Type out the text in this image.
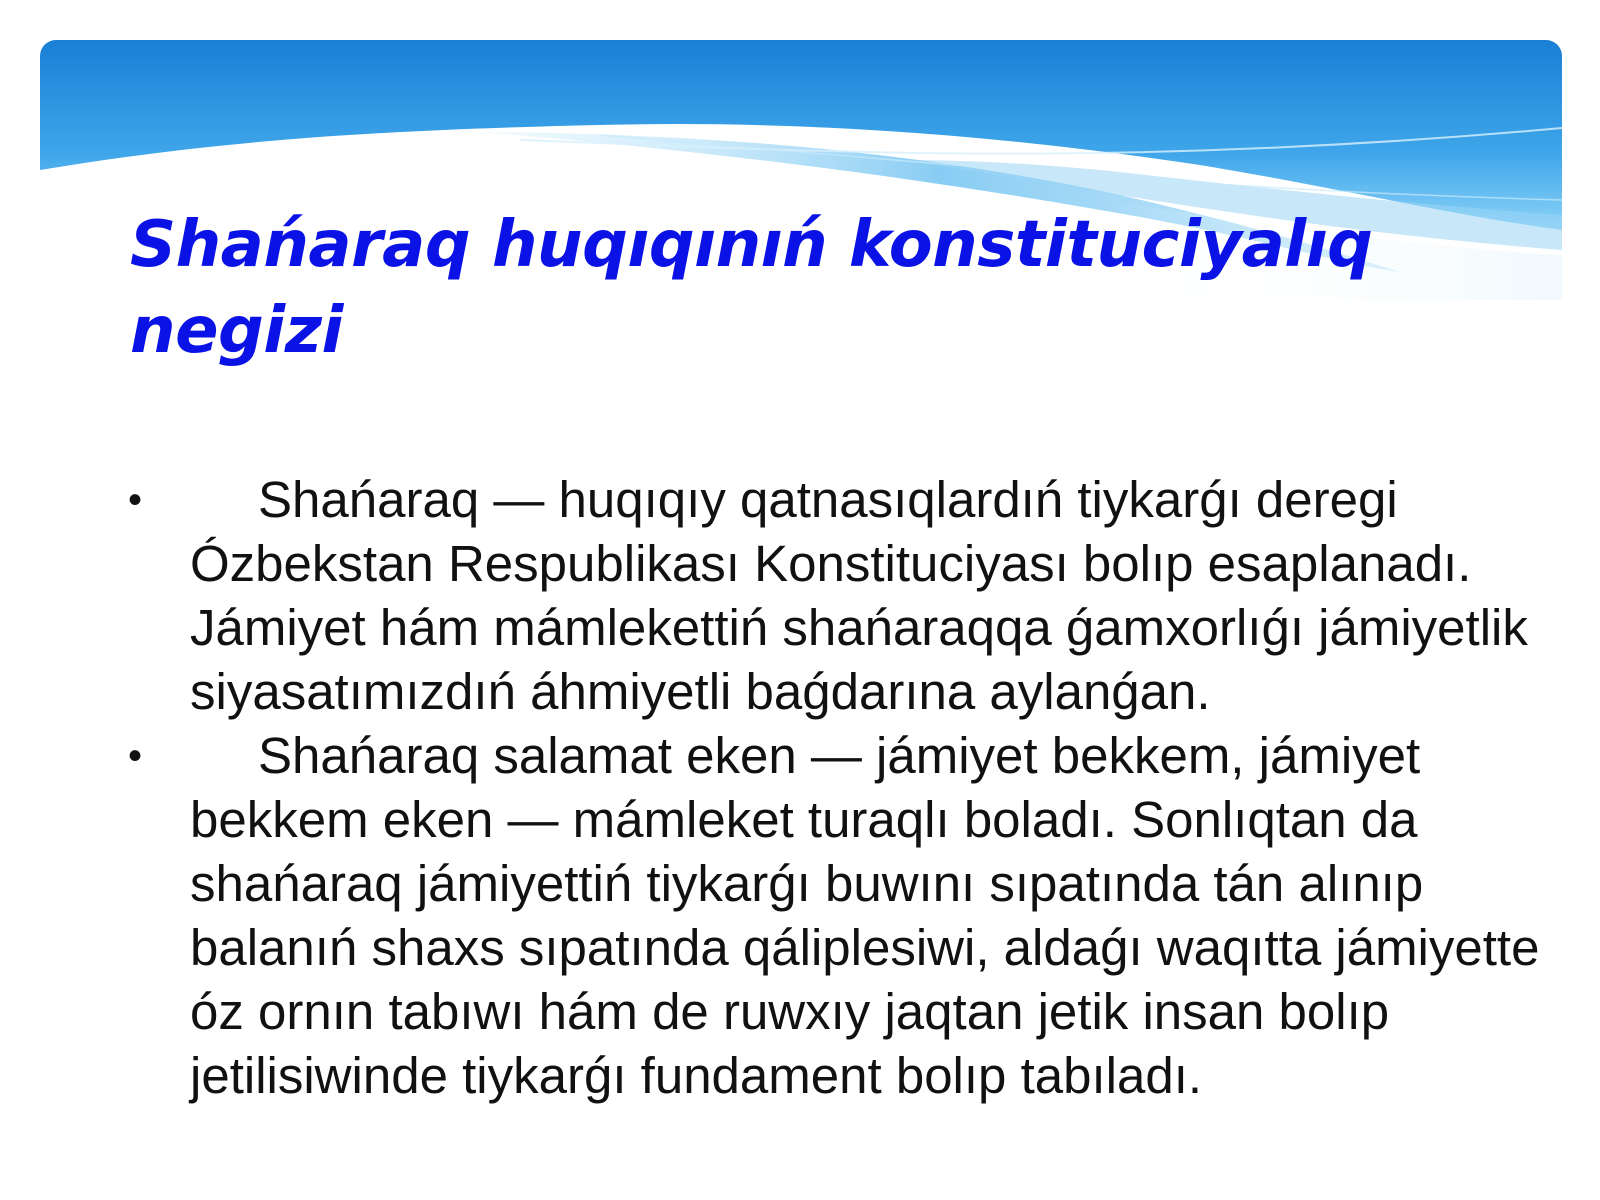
Shańaraq huqıqınıń konstituciyalıq negizi
• Shańaraq — huqıqıy qatnasıqlardıń tiykarǵı deregi Ózbekstan Respublikası Konstituciyası bolıp esaplanadı. Jámiyet hám mámlekettiń shańaraqqa ǵamxorlıǵı jámiyetlik siyasatımızdıń áhmiyetli baǵdarına aylanǵan.
• Shańaraq salamat eken — jámiyet bekkem, jámiyet bekkem eken — mámleket turaqlı boladı. Sonlıqtan da shańaraq jámiyettiń tiykarǵı buwını sıpatında tán alınıp balanıń shaxs sıpatında qáliplesiwi, aldaǵı waqıtta jámiyette óz ornın tabıwı hám de ruwxıy jaqtan jetik insan bolıp jetilisiwinde tiykarǵı fundament bolıp tabıladı.
